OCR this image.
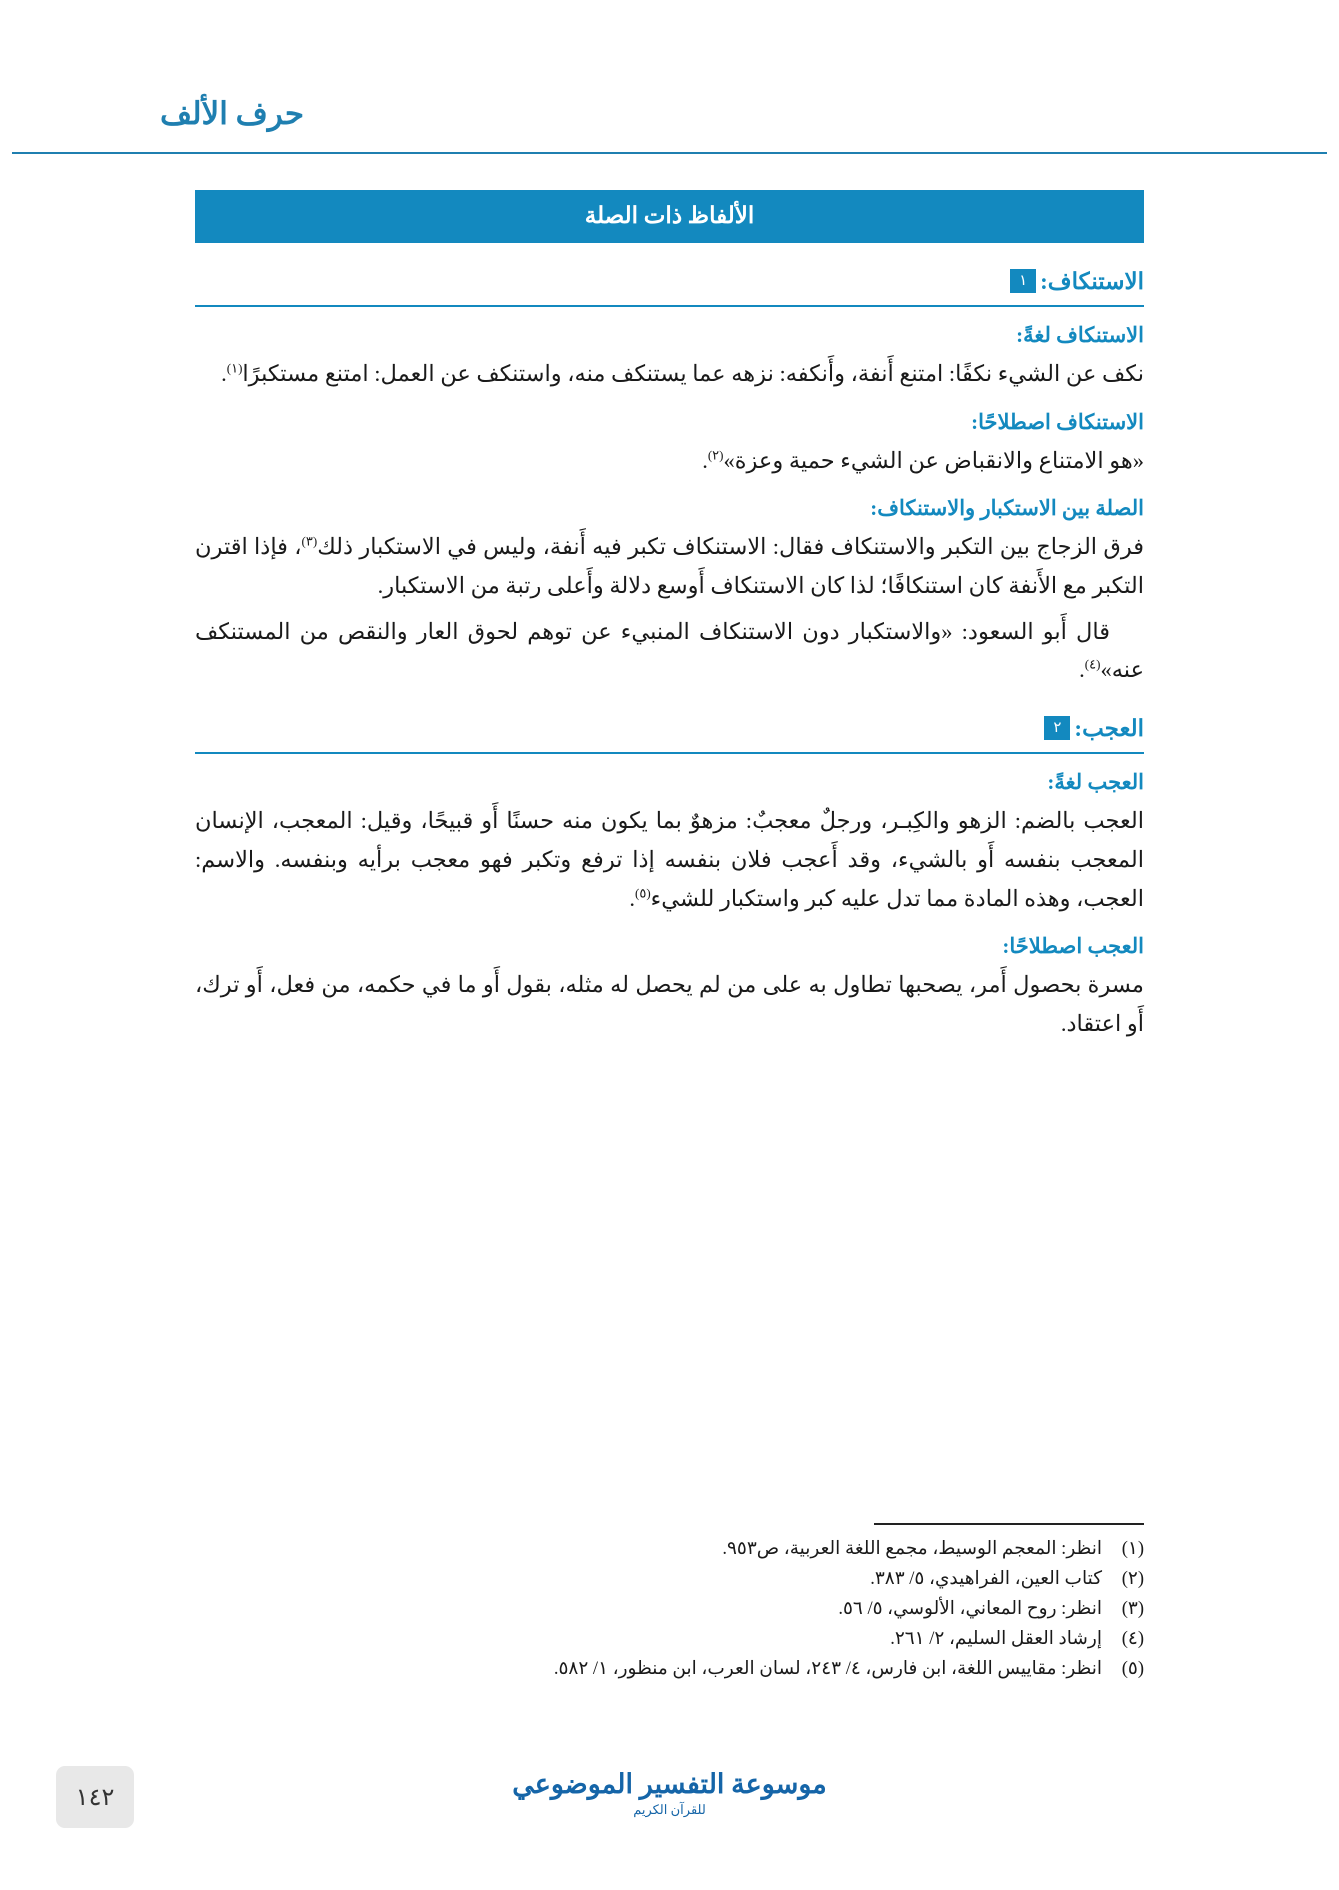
حرف الألف
الألفاظ ذات الصلة
الاستنكاف: ١
الاستنكاف لغةً:

نكف عن الشيء نكفًا: امتنع أَنفة، وأَنكفه: نزهه عما يستنكف منه، واستنكف عن العمل: امتنع مستكبرًا$^{(١)}$.

الاستنكاف اصطلاحًا:

«هو الامتناع والانقباض عن الشيء حمية وعزة»$^{(٢)}$.

الصلة بين الاستكبار والاستنكاف:

فرق الزجاج بين التكبر والاستنكاف فقال: الاستنكاف تكبر فيه أَنفة، وليس في الاستكبار ذلك$^{(٣)}$، فإذا اقترن التكبر مع الأَنفة كان استنكافًا؛ لذا كان الاستنكاف أَوسع دلالة وأَعلى رتبة من الاستكبار.

قال أَبو السعود: «والاستكبار دون الاستنكاف المنبيء عن توهم لحوق العار والنقص من المستنكف عنه»$^{(٤)}$.

العجب: ٢
العجب لغةً:

العجب بالضم: الزهو والكِبـر، ورجلٌ معجبٌ: مزهوٌ بما يكون منه حسنًا أَو قبيحًا، وقيل: المعجب، الإنسان المعجب بنفسه أَو بالشيء، وقد أَعجب فلان بنفسه إذا ترفع وتكبر فهو معجب برأيه وبنفسه. والاسم: العجب، وهذه المادة مما تدل عليه كبر واستكبار للشيء$^{(٥)}$.

العجب اصطلاحًا:

مسرة بحصول أَمر، يصحبها تطاول به على من لم يحصل له مثله، بقول أَو ما في حكمه، من فعل، أَو ترك، أَو اعتقاد.

(١)انظر: المعجم الوسيط، مجمع اللغة العربية، ص٩٥٣.
(٢)كتاب العين، الفراهيدي، ٥/ ٣٨٣.
(٣)انظر: روح المعاني، الألوسي، ٥/ ٥٦.
(٤)إرشاد العقل السليم، ٢/ ٢٦١.
(٥)انظر: مقاييس اللغة، ابن فارس، ٤/ ٢٤٣، لسان العرب، ابن منظور، ١/ ٥٨٢.
موسوعة التفسير الموضوعي
للقرآن الكريم
١٤٢
